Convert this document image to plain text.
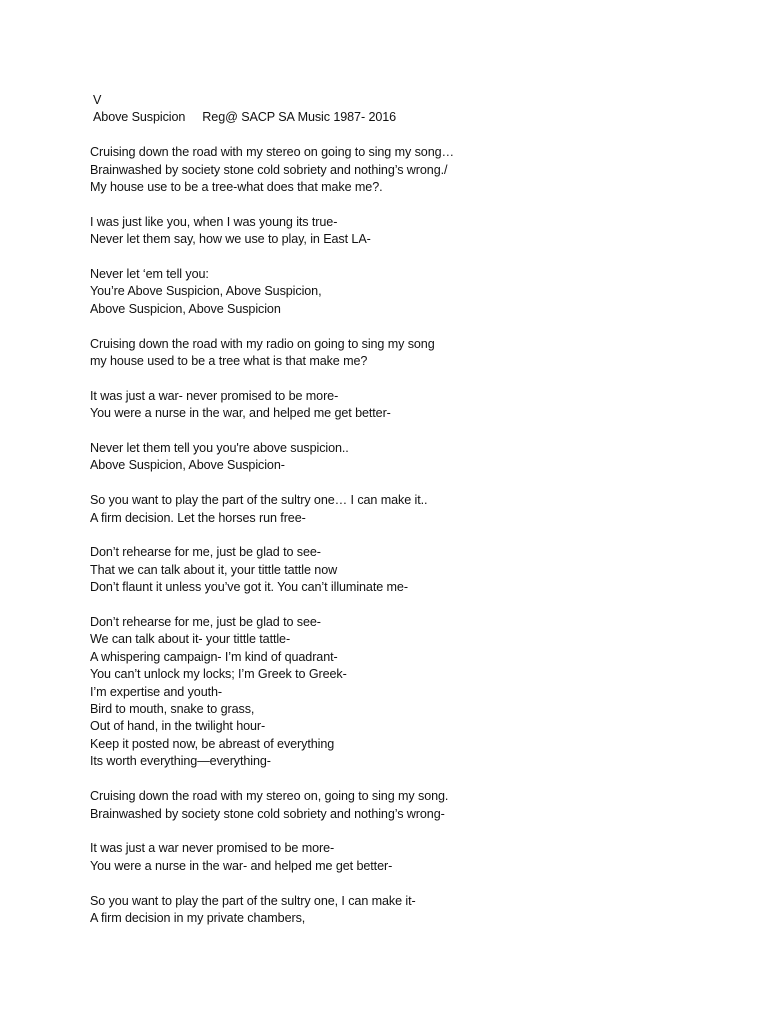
V
Above Suspicion     Reg@ SACP SA Music 1987- 2016
Cruising down the road with my stereo on going to sing my song…
Brainwashed by society stone cold sobriety and nothing’s wrong./
My house use to be a tree-what does that make me?.
I was just like you, when I was young its true-
Never let them say, how we use to play, in East LA-
Never let ‘em tell you:
You’re Above Suspicion, Above Suspicion,
Above Suspicion, Above Suspicion
Cruising down the road with my radio on going to sing my song
my house used to be a tree what is that make me?
It was just a war- never promised to be more-
You were a nurse in the war, and helped me get better-
Never let them tell you you're above suspicion..
Above Suspicion, Above Suspicion-
So you want to play the part of the sultry one… I can make it..
A firm decision. Let the horses run free-
Don’t rehearse for me, just be glad to see-
That we can talk about it, your tittle tattle now
Don’t flaunt it unless you’ve got it. You can’t illuminate me-
Don’t rehearse for me, just be glad to see-
We can talk about it- your tittle tattle-
A whispering campaign- I’m kind of quadrant-
You can’t unlock my locks; I’m Greek to Greek-
I’m expertise and youth-
Bird to mouth, snake to grass,
Out of hand, in the twilight hour-
Keep it posted now, be abreast of everything
Its worth everything—everything-
Cruising down the road with my stereo on, going to sing my song.
Brainwashed by society stone cold sobriety and nothing’s wrong-
It was just a war never promised to be more-
You were a nurse in the war- and helped me get better-
So you want to play the part of the sultry one, I can make it-
A firm decision in my private chambers,
